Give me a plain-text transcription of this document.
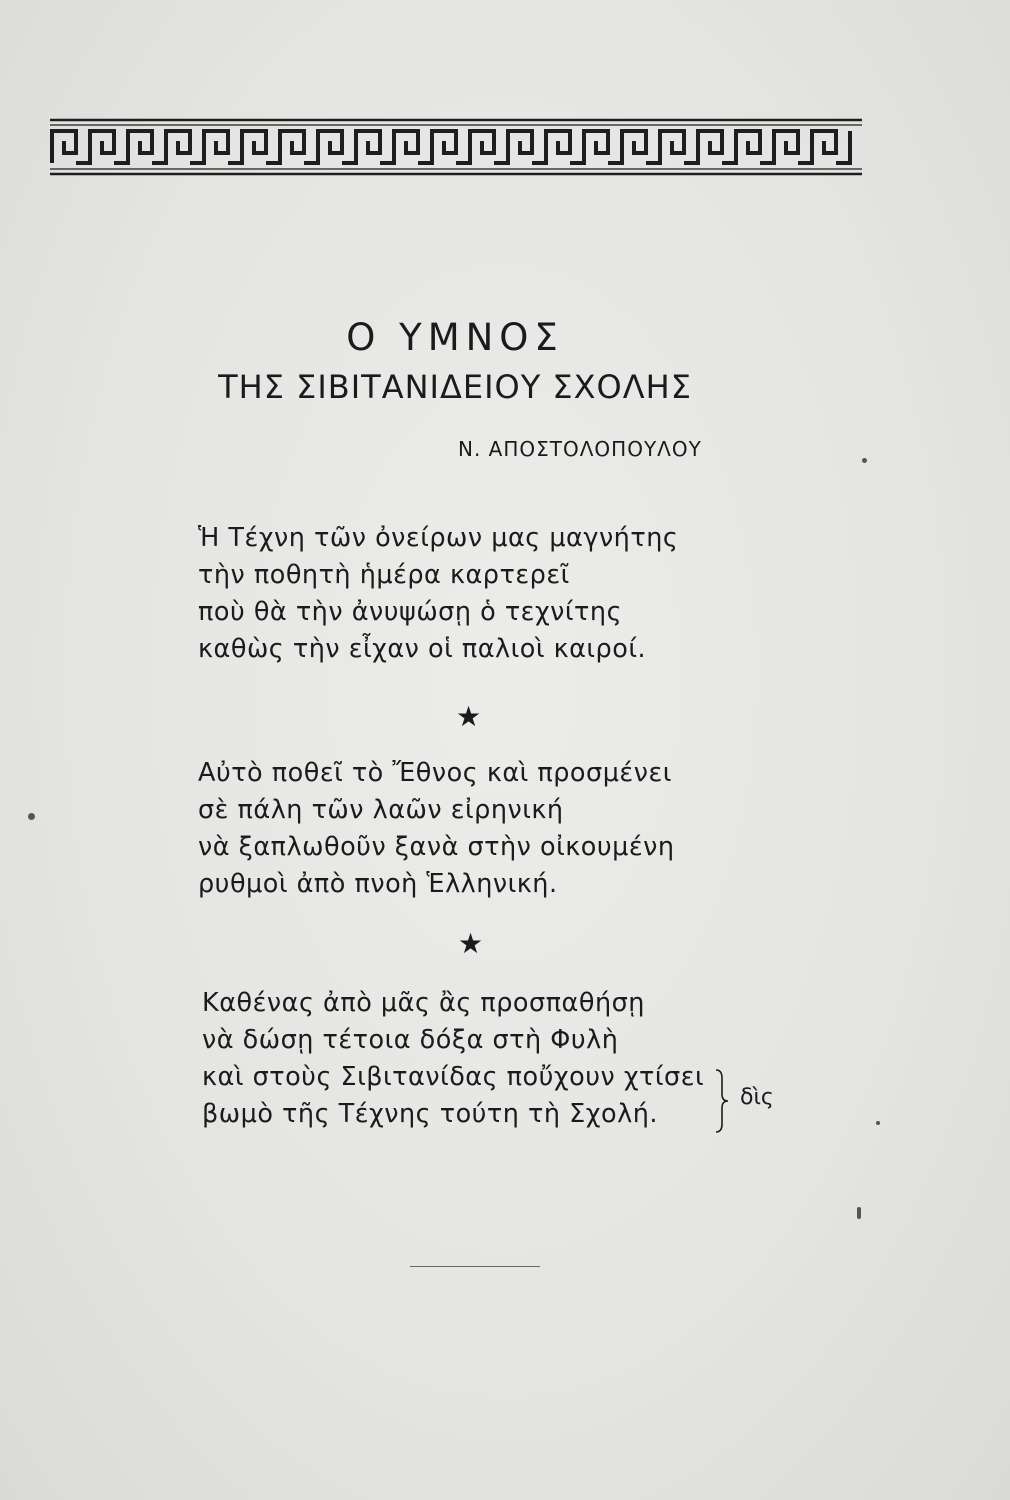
Ο ΥΜΝΟΣ
ΤΗΣ ΣΙΒΙΤΑΝΙΔΕΙΟΥ ΣΧΟΛΗΣ
Ν. ΑΠΟΣΤΟΛΟΠΟΥΛΟΥ
Ἡ Τέχνη τῶν ὀνείρων μας μαγνήτης
τὴν ποθητὴ ἡμέρα καρτερεῖ
ποὺ θὰ τὴν ἀνυψώσῃ ὁ τεχνίτης
καθὼς τὴν εἶχαν οἱ παλιοὶ καιροί.
★
Αὐτὸ ποθεῖ τὸ Ἔθνος καὶ προσμένει
σὲ πάλη τῶν λαῶν εἰρηνική
νὰ ξαπλωθοῦν ξανὰ στὴν οἰκουμένη
ρυθμοὶ ἀπὸ πνοὴ Ἑλληνική.
★
Καθένας ἀπὸ μᾶς ἂς προσπαθήσῃ
νὰ δώσῃ τέτοια δόξα στὴ Φυλὴ
καὶ στοὺς Σιβιτανίδας ποὔχουν χτίσει
βωμὸ τῆς Τέχνης τούτη τὴ Σχολή.
δὶς
